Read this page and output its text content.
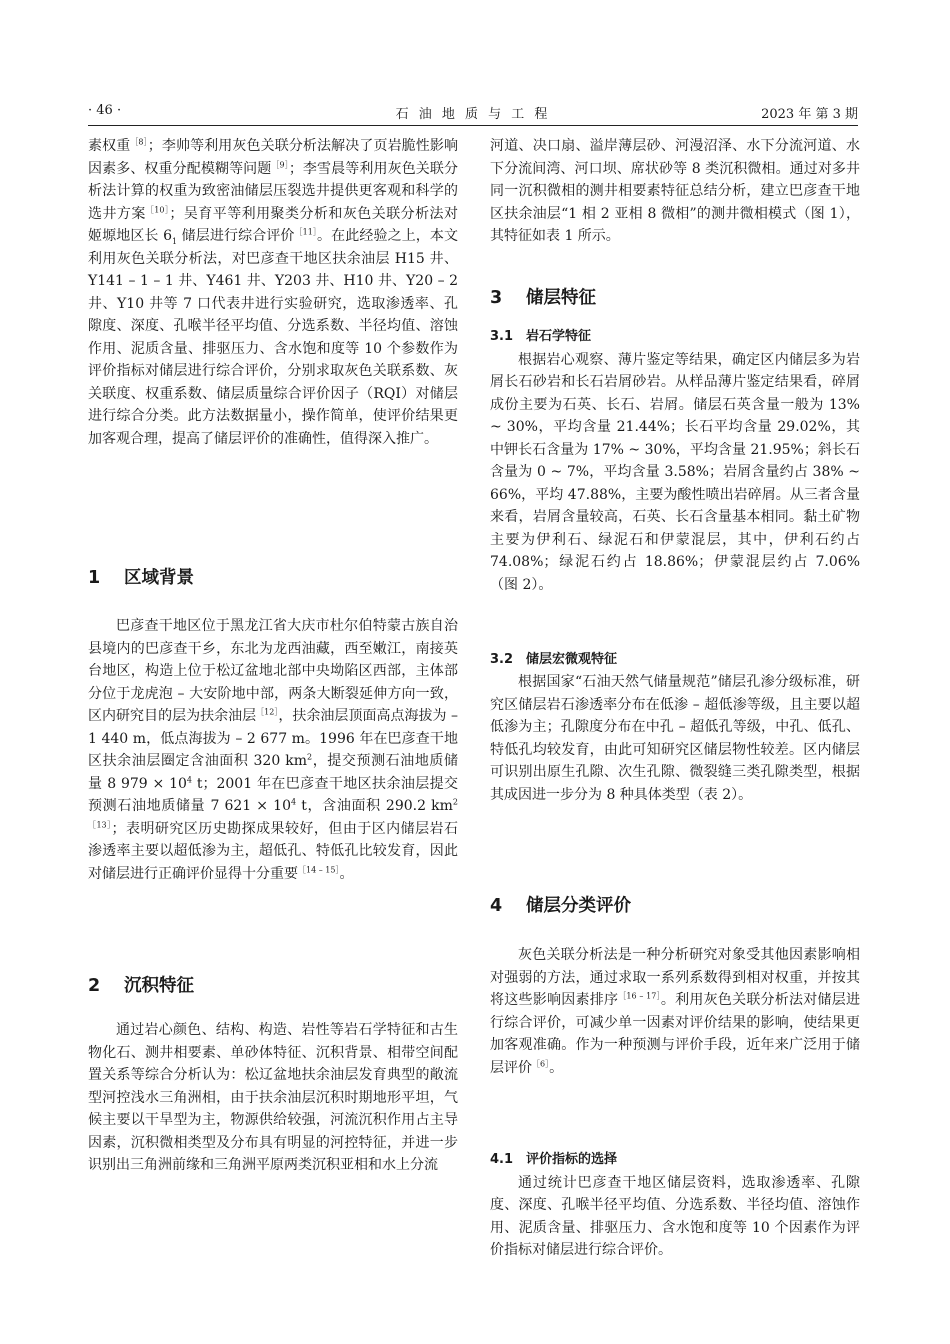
石 油 地 质 与 工 程
· 46 ·	2023 年 第 3 期

素权重$^{[8]}$；李帅等利用灰色关联分析法解决了页岩脆性影响因素多、权重分配模糊等问题$^{[9]}$；李雪晨等利用灰色关联分析法计算的权重为致密油储层压裂选井提供更客观和科学的选井方案$^{[10]}$；吴育平等利用聚类分析和灰色关联分析法对姬塬地区长 $6_1$ 储层进行综合评价$^{[11]}$。在此经验之上，本文利用灰色关联分析法，对巴彦查干地区扶余油层 H15 井、Y141 – 1 – 1 井、Y461 井、Y203 井、H10 井、Y20 – 2 井、Y10 井等 7 口代表井进行实验研究，选取渗透率、孔隙度、深度、孔喉半径平均值、分选系数、半径均值、溶蚀作用、泥质含量、排驱压力、含水饱和度等 10 个参数作为评价指标对储层进行综合评价，分别求取灰色关联系数、灰关联度、权重系数、储层质量综合评价因子（RQI）对储层进行综合分类。此方法数据量小，操作简单，使评价结果更加客观合理，提高了储层评价的准确性，值得深入推广。

1 区域背景

巴彦查干地区位于黑龙江省大庆市杜尔伯特蒙古族自治县境内的巴彦查干乡，东北为龙西油藏，西至嫩江，南接英台地区，构造上位于松辽盆地北部中央坳陷区西部，主体部分位于龙虎泡 – 大安阶地中部，两条大断裂延伸方向一致，区内研究目的层为扶余油层$^{[12]}$，扶余油层顶面高点海拔为 – 1 440 m，低点海拔为 – 2 677 m。1996 年在巴彦查干地区扶余油层圈定含油面积 320 $km^2$，提交预测石油地质储量 8 $979 \times 10^4$ t；2001 年在巴彦查干地区扶余油层提交预测石油地质储量 7 $621 \times 10^4$ t，含油面积 290.2 $km^{2[13]}$；表明研究区历史勘探成果较好，但由于区内储层岩石渗透率主要以超低渗为主，超低孔、特低孔比较发育，因此对储层进行正确评价显得十分重要$^{[14 - 15]}$。

2 沉积特征

通过岩心颜色、结构、构造、岩性等岩石学特征和古生物化石、测井相要素、单砂体特征、沉积背景、相带空间配置关系等综合分析认为：松辽盆地扶余油层发育典型的敞流型河控浅水三角洲相，由于扶余油层沉积时期地形平坦，气候主要以干旱型为主，物源供给较强，河流沉积作用占主导因素，沉积微相类型及分布具有明显的河控特征，并进一步识别出三角洲前缘和三角洲平原两类沉积亚相和水上分流

河道、决口扇、溢岸薄层砂、河漫沼泽、水下分流河道、水下分流间湾、河口坝、席状砂等 8 类沉积微相。通过对多井同一沉积微相的测井相要素特征总结分析，建立巴彦查干地区扶余油层“1 相 2 亚相 8 微相”的测井微相模式（图 1），其特征如表 1 所示。

3 储层特征
3.1 岩石学特征

根据岩心观察、薄片鉴定等结果，确定区内储层多为岩屑长石砂岩和长石岩屑砂岩。从样品薄片鉴定结果看，碎屑成份主要为石英、长石、岩屑。储层石英含量一般为 13% ~ 30%，平均含量 21.44%；长石平均含量 29.02%，其中钾长石含量为 17% ~ 30%，平均含量 21.95%；斜长石含量为 0 ~ 7%，平均含量 3.58%；岩屑含量约占 38% ~ 66%，平均 47.88%，主要为酸性喷出岩碎屑。从三者含量来看，岩屑含量较高，石英、长石含量基本相同。黏土矿物主要为伊利石、绿泥石和伊蒙混层，其中，伊利石约占 74.08%；绿泥石约占 18.86%；伊蒙混层约占 7.06%（图 2）。

3.2 储层宏微观特征

根据国家“石油天然气储量规范”储层孔渗分级标准，研究区储层岩石渗透率分布在低渗 – 超低渗等级，且主要以超低渗为主；孔隙度分布在中孔 – 超低孔等级，中孔、低孔、特低孔均较发育，由此可知研究区储层物性较差。区内储层可识别出原生孔隙、次生孔隙、微裂缝三类孔隙类型，根据其成因进一步分为 8 种具体类型（表 2）。

4 储层分类评价

灰色关联分析法是一种分析研究对象受其他因素影响相对强弱的方法，通过求取一系列系数得到相对权重，并按其将这些影响因素排序$^{[16 - 17]}$。利用灰色关联分析法对储层进行综合评价，可减少单一因素对评价结果的影响，使结果更加客观准确。作为一种预测与评价手段，近年来广泛用于储层评价$^{[6]}$。

4.1 评价指标的选择

通过统计巴彦查干地区储层资料，选取渗透率、孔隙度、深度、孔喉半径平均值、分选系数、半径均值、溶蚀作用、泥质含量、排驱压力、含水饱和度等 10 个因素作为评价指标对储层进行综合评价。
